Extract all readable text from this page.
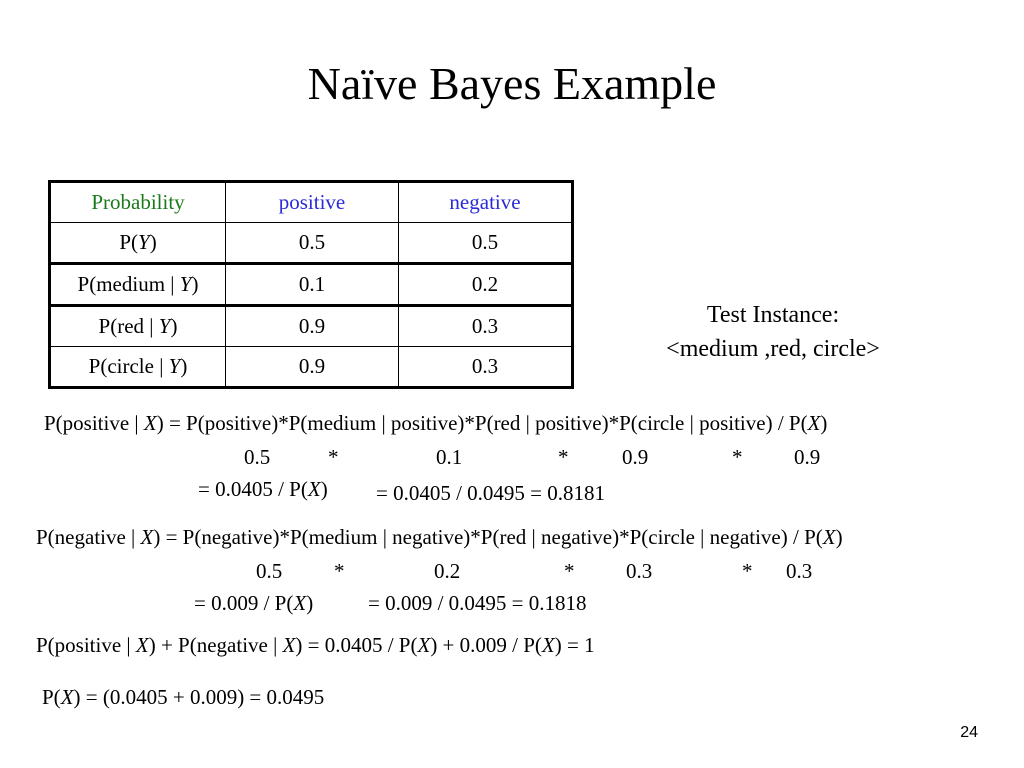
Naïve Bayes Example
Probability	positive	negative
P(Y)	0.5	0.5
P(medium | Y)	0.1	0.2
P(red | Y)	0.9	0.3
P(circle | Y)	0.9	0.3
Test Instance:
<medium ,red, circle>
P(positive | X) = P(positive)*P(medium | positive)*P(red | positive)*P(circle | positive) / P(X)
0.5	*	0.1	*	0.9	* 0.9
= 0.0405 / P(X) = 0.0405 / 0.0495 = 0.8181
P(negative | X) = P(negative)*P(medium | negative)*P(red | negative)*P(circle | negative) / P(X)
0.5 *	0.2	* 0.3	* 0.3
= 0.009 / P(X)	= 0.009 / 0.0495 = 0.1818
P(positive | X) + P(negative | X) = 0.0405 / P(X) + 0.009 / P(X) = 1
P(X) = (0.0405 + 0.009) = 0.0495
24
